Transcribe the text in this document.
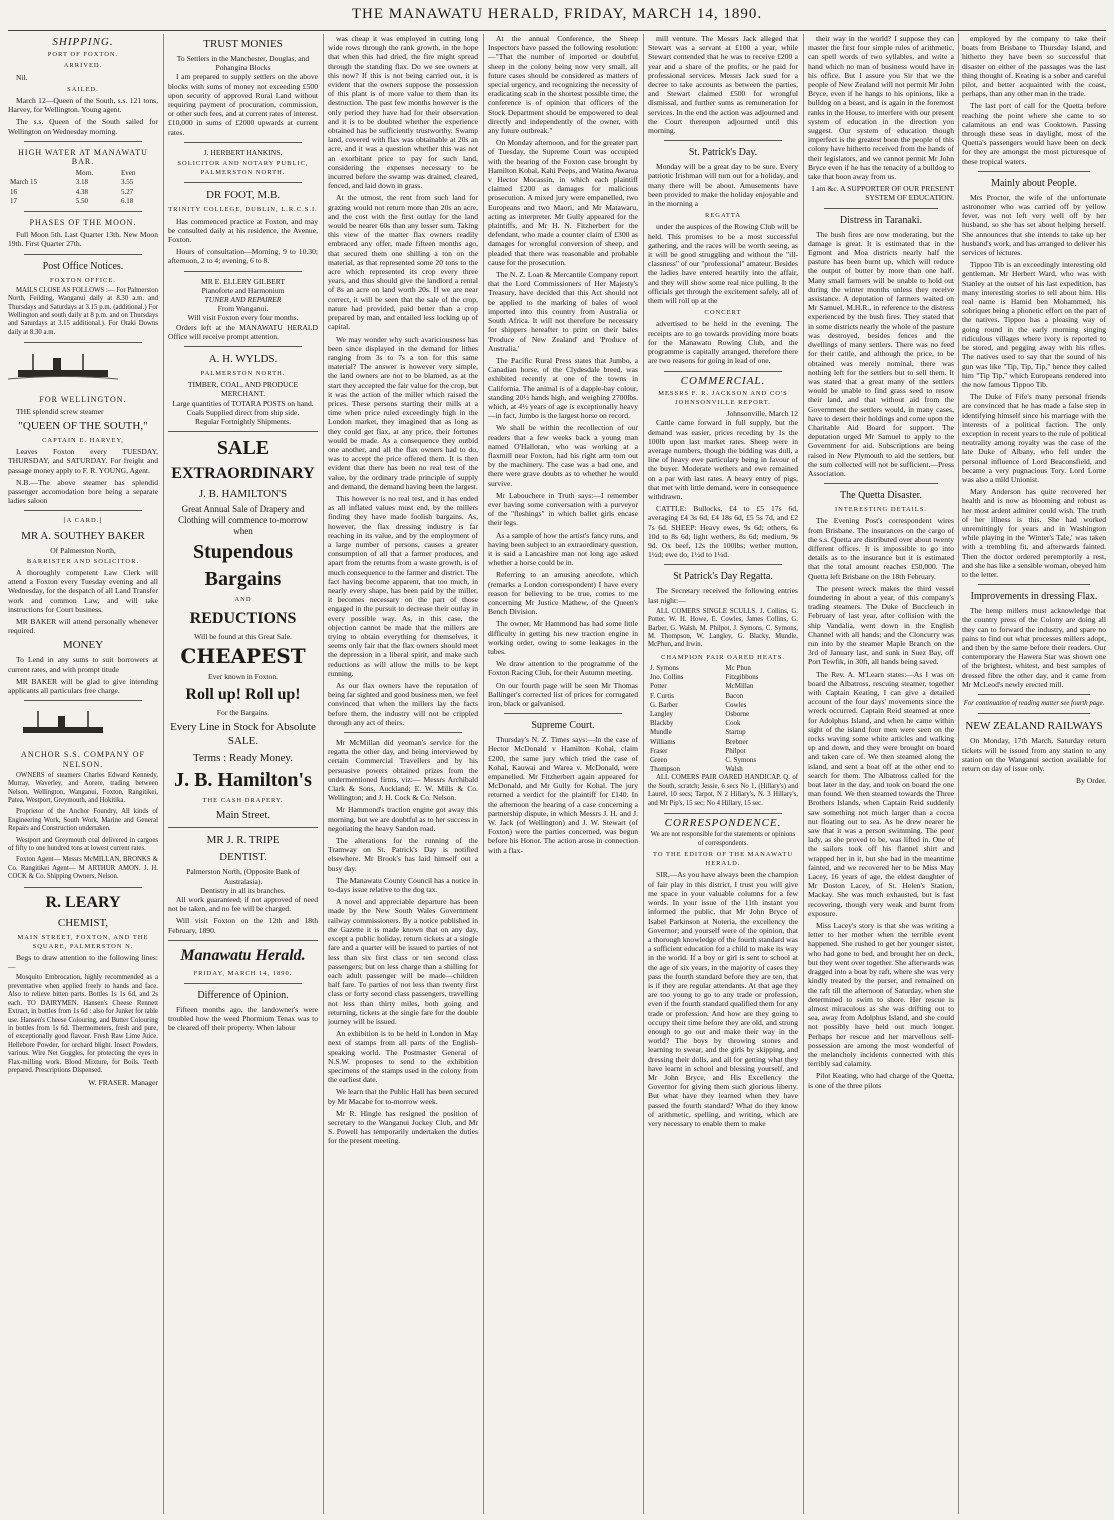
THE MANAWATU HERALD, FRIDAY, MARCH 14, 1890.
SHIPPING.
PORT OF FOXTON.
ARRIVED.

Nil.

SAILED.

March 12—Queen of the South, s.s. 121 tons, Harvey, for Wellington. Young agent.

The s.s. Queen of the South sailed for Wellington on Wednesday morning.

HIGH WATER AT MANAWATU BAR.
	Morn.	Even
March 15	3.18	3.55
16	4.38	5.27
17	5.50	6.18
PHASES OF THE MOON.

Full Moon 5th. Last Quarter 13th. New Moon 19th. First Quarter 27th.

Post Office Notices.
FOXTON OFFICE.

MAILS CLOSE AS FOLLOWS :— For Palmerston North, Feilding, Wanganui daily at 8.30 a.m. and Thursdays and Saturdays at 3.15 p.m. (additional.) For Wellington and south daily at 8 p.m. and on Thursdays and Saturdays at 3.15 additional.). For Otaki Downs daily at 8.30 a.m.

FOR WELLINGTON.

THE splendid screw steamer

"QUEEN OF THE SOUTH,"
CAPTAIN E. HARVEY,

Leaves Foxton every TUESDAY, THURSDAY, and SATURDAY. For freight and passage money apply to F. R. YOUNG, Agent.

N.B.—The above steamer has splendid passenger accomodation bore being a separate ladies saloon

[A CARD.]
MR A. SOUTHEY BAKER
Of Palmerston North,
BARRISTER AND SOLICITOR.

A thoroughly competent Law Clerk will attend a Foxton every Tuesday evening and all Wednesday, for the despatch of all Land Transfer work and common Law, and will take instructions for Court business.

MR BAKER will attend personally whenever required.

MONEY

To Lend in any sums to suit borrowers at current rates, and with prompt titude

MR BAKER will be glad to give intending applicants all particulars free charge.

ANCHOR S.S. COMPANY OF NELSON.

OWNERS of steamers Charles Edward Kennedy, Murray, Waverley, and Aorere, trading between Nelson, Wellington, Wanganui, Foxton, Rangitikei, Patea, Westport, Greymouth, and Hokitika.

Proprietor of the Anchor Foundry, All kinds of Engineering Work, South Work, Marine and General Repairs and Construction undertaken.

Westport and Greymouth coal delivered in cargoes of fifty to one hundred tons at lowest current rates.

Foxton Agent— Messrs McMILLAN, BRONKS & Co. Rangitikei Agent— M ARTHUR AMON. J. H. COCK & Co. Shipping Owners, Nelson.

R. LEARY
CHEMIST,
MAIN STREET, FOXTON, AND THE SQUARE, PALMERSTON N.

Begs to draw attention to the following lines:—

Mosquito Embrocation, highly recommended as a preventative when applied freely to hands and face. Also to relieve bitten parts. Bottles 1s 1s 6d, and 2s each. TO DAIRYMEN. Hansen's Cheese Rennett Extract, in bottles from 1s 6d : also for Junket for table use. Hansen's Cheese Colouring, and Butter Colouring in bottles from 1s 6d. Thermometers, fresh and pure, of exceptionally good flavour. Fresh Raw Lime Juice. Hellebore Powder, for orchard blight. Insect Powders, various. Wire Net Goggles, for protecting the eyes in Flax-milling work. Blood Mixture, for Boils. Teeth prepared. Prescriptions Dispensed.

W. FRASER. Manager

TRUST MONIES
To Settlers in the Manchester, Douglas, and Pohangina Blocks

I am prepared to supply settlers on the above blocks with sums of money not exceeding £500 upon security of approved Rural Land without requiring payment of procuration, commission, or other such fees, and at current rates of interest. £10,000 in sums of £2000 upwards at current rates.

J. HERBERT HANKINS,
SOLICITOR AND NOTARY PUBLIC, PALMERSTON NORTH.
DR FOOT, M.B.
TRINITY COLLEGE, DUBLIN, L.R.C.S.I.

Has commenced practice at Foxton, and may be consulted daily at his residence, the Avenue, Foxton.

Hours of consultation—Morning, 9 to 10.30; afternoon, 2 to 4; evening, 6 to 8.

MR E. ELLERY GILBERT
Pianoforte and Harmonium
TUNER AND REPAIRER
From Wanganui.
Will visit Foxton every four months.

Orders left at the MANAWATU HERALD Office will receive prompt attention.

A. H. WYLDS.
PALMERSTON NORTH.
TIMBER, COAL, AND PRODUCE MERCHANT.
Large quantities of TOTARA POSTS on hand.
Coals Supplied direct from ship side.
Regular Fortnightly Shipments.
SALE
EXTRAORDINARY
J. B. HAMILTON'S
Great Annual Sale of Drapery and Clothing will commence to-morrow when
Stupendous
Bargains
AND
REDUCTIONS
Will be found at this Great Sale.
CHEAPEST
Ever known in Foxton.
Roll up! Roll up!
For the Bargains.
Every Line in Stock for Absolute SALE.
Terms : Ready Money.
J. B. Hamilton's
THE CASH DRAPERY.
Main Street.
MR J. R. TRIPE
DENTIST.
Palmerston North, (Opposite Bank of Australasia).
Dentistry in all its branches.

All work guaranteed; if not approved of need not be taken, and no fee will be charged.

Will visit Foxton on the 12th and 18th February, 1890.

Manawatu Herald.
FRIDAY, MARCH 14, 1890.
Difference of Opinion.

Fifteen months ago, the landowner's were troubled how the weed Phormium Tenax was to be cleared off their property. When labour

was cheap it was employed in cutting long wide rows through the rank growth, in the hope that when this had dried, the fire might spread through the standing flax. Do we see owners at this now? If this is not being carried out, it is evident that the owners suppose the possession of this plant is of more value to them than its destruction. The past few months however is the only period they have had for their observation and it is to be doubted whether the experience obtained has be sufficiently trustworthy. Swamp land, covered with flax was obtainable at 20s an acre, and it was a question whether this was not an exorbitant price to pay for such land, considering the expenses necessary to be incurred before the swamp was drained, cleared, fenced, and laid down in grass.

At the utmost, the rent from such land for grazing would not return more than 20s an acre, and the cost with the first outlay for the land would be nearer 60s than any lesser sum. Taking this view of the matter flax owners readily embraced any offer, made fifteen months ago, that secured them one shilling a ton on the material, as that represented some 20 tons to the acre which represented its crop every three years, and thus should give the landlord a rental of 8s an acre on land worth 20s. If we are near correct, it will be seen that the sale of the crop, nature had provided, paid better than a crop prepared by man, and entailed less locking up of capital.

We may wonder why such avariciousness has been since displayed in the demand for lithes ranging from 3s to 7s a ton for this same material? The answer is however very simple, the land owners are not to be blamed, as at the start they accepted the fair value for the crop, but it was the action of the miller which raised the prices. These persons starting their mills at a time when price ruled exceedingly high in the London market, they imagined that as long as they could get flax, at any price, their fortunes would be made. As a consequence they outbid one another, and all the flax owners had to do, was to accept the price offered them. It is then evident that there has been no real test of the value, by the ordinary trade principle of supply and demand, the demand having been the largest.

This however is no real test, and it has ended as all inflated values must end, by the millers finding they have made foolish bargains. As, however, the flax dressing industry is far reaching in its value, and by the employment of a large number of persons, causes a greater consumption of all that a farmer produces, and apart from the returns from a waste growth, is of much consequence to the farmer and district. The fact having become apparent, that too much, in nearly every shape, has been paid by the miller, it becomes necessary on the part of those engaged in the pursuit to decrease their outlay in every possible way. As, in this case, the objection cannot be made that the millers are trying to obtain everything for themselves, it seems only fair that the flax owners should meet the depression in a liberal spirit, and make such reductions as will allow the mills to be kept running.

As our flax owners have the reputation of being far sighted and good business men, we feel convinced that when the millers lay the facts before them, the industry will not be crippled through any act of theirs.

Mr McMillan did yeoman's service for the regatta the other day, and being interviewed by certain Commercial Travellers and by his persuasive powers obtained prizes from the undermentioned firms, viz:— Messrs Archibald Clark & Sons, Auckland; E. W. Mills & Co. Wellington; and J. H. Cock & Co. Nelson.

Mr Hammond's traction engine got away this morning, but we are doubtful as to her success in negotiating the heavy Sandon road.

The alterations for the running of the Tramway on St. Patrick's Day is notified elsewhere. Mr Brook's has laid himself out a busy day.

The Manawatu County Council has a notice in to-days issue relative to the dog tax.

A novel and appreciable departure has been made by the New South Wales Government railway commissioners. By a notice published in the Gazette it is made known that on any day, except a public holiday, return tickets at a single fare and a quarter will be issued to parties of not less than six first class or ten second class passengers; but on less charge than a shilling for each adult passenger will be made—children half fare. To parties of not less than twenty first class or forty second class passengers, travelling not less than thirty miles, both going and returning, tickets at the single fare for the double journey will be issued.

An exhibition is to be held in London in May next of stamps from all parts of the English-speaking world. The Postmaster General of N.S.W. proposes to send to the exhibition specimens of the stamps used in the colony from the earliest date.

We learn that the Public Hall has been secured by Mr Macabe for to-morrow week.

Mr R. Hingle has resigned the position of secretary to the Wanganui Jockey Club, and Mr S. Powell has temporarily undertaken the duties for the present meeting.

At the annual Conference, the Sheep Inspectors have passed the following resolution:—"That the number of imported or doubtful sheep in the colony being now very small, all future cases should be considered as matters of special urgency, and recognizing the necessity of eradicating scab in the shortest possible time, the conference is of opinion that officers of the Stock Department should be empowered to deal directly and independently of the owner, with any future outbreak."

On Monday afternoon, and for the greater part of Tuesday, the Supreme Court was occupied with the hearing of the Foxton case brought by Hamilton Kohal, Kahi Peeps, and Watina Awarua v Hector Mocassin, in which each plaintiff claimed £200 as damages for malicious prosecution. A mixed jury were empanelled, two Europeans and two Maori, and Mr Matawaru, acting as interpreter. Mr Gully appeared for the plaintiffs, and Mr H. N. Fitzherbert for the defendant, who made a counter claim of £300 as damages for wrongful conversion of sheep, and pleaded that there was reasonable and probable cause for the prosecution.

The N. Z. Loan & Mercantile Company report that the Lord Commissioners of Her Majesty's Treasury, have decided that this Act should not be applied to the marking of bales of wool imported into this country from Australia or South Africa. It will not therefore be necessary for shippers hereafter to print on their bales 'Produce of New Zealand' and 'Produce of Australia.'

The Pacific Rural Press states that Jumbo, a Canadian horse, of the Clydesdale breed, was exhibited recently at one of the towns in California. The animal is of a dapple-bay colour, standing 20½ hands high, and weighing 2700lbs. which, at 4½ years of age is exceptionally heavy—in fact, Jumbo is the largest horse on record.

We shall be within the recollection of our readers that a few weeks back a young man named O'Halloran, who was working at a flaxmill near Foxton, had his right arm torn out by the machinery. The case was a bad one, and there were grave doubts as to whether he would survive.

Mr Labouchere in Truth says:—I remember ever having some conversation with a purveyor of the "fleshings" in which ballet girls encase their legs.

As a sample of how the artist's fancy runs, and having been subject to an extraordinary question, it is said a Lancashire man not long ago asked whether a horse could be in.

Referring to an amusing anecdote, which (remarks a London correspondent) I have every reason for believing to be true, comes to me concerning Mr Justice Mathew, of the Queen's Bench Division.

The owner, Mr Hammond has had some little difficulty in getting his new traction engine in working order, owing to some leakages in the tubes.

We draw attention to the programme of the Foxton Racing Club, for their Autumn meeting.

On our fourth page will be seen Mr Thomas Ballinger's corrected list of prices for corrugated iron, black or galvanised.

Supreme Court.

Thursday's N. Z. Times says:—In the case of Hector McDonald v Hamilton Kohal, claim £200, the same jury which tried the case of Kohal, Kauwai and Warea v. McDonald, were empanelled. Mr Fitzherbert again appeared for McDonald, and Mr Gully for Kohal. The jury returned a verdict for the plaintiff for £140. In the afternoon the hearing of a case concerning a partnership dispute, in which Messrs J. H. and J. W. Jack (of Wellington) and J. W. Stewart (of Foxton) were the parties concerned, was begun before his Honor. The action arose in connection with a flax-

mill venture. The Messrs Jack alleged that Stewart was a servant at £100 a year, while Stewart contended that he was to receive £200 a year and a share of the profits, or he paid for professional services. Messrs Jack sued for a decree to take accounts as between the parties, and Stewart claimed £500 for wrongful dismissal, and further sums as remuneration for services. In the end the action was adjourned and the Court thereupon adjourned until this morning.

St. Patrick's Day.

Monday will be a great day to be sure. Every patriotic Irishman will turn out for a holiday, and many there will be about. Amusements have been provided to make the holiday enjoyable and in the morning a

REGATTA

under the auspices of the Rowing Club will be held. This promises to be a most successful gathering, and the races will be worth seeing, as it will be good struggling and without the "ill-classness" of our "professional" amateur. Besides the ladies have entered heartily into the affair, and they will show some real nice pulling. It the officials get through the excitement safely, all of them will roll up at the

CONCERT

advertised to be held in the evening. The receipts are to go towards providing more boats for the Manawatu Rowing Club, and the programme is capitally arranged, therefore there are two reasons for going in lead of one.

COMMERCIAL.
MESSRS F. R. JACKSON AND CO'S JOHNSONVILLE REPORT.
Johnsonville, March 12

Cattle came forward in full supply, but the demand was easier, prices receding by 1s the 100lb upon last market rates. Sheep were in average numbers, though the bidding was dull, a line of heavy ewe particulary being in favour of the buyer. Moderate wethers and ewe remained on a par with last rates. A heavy entry of pigs, that met with little demand, were in consequence withdrawn.

CATTLE: Bullocks, £4 to £5 17s 6d, averaging £4 3s 6d, £4 18s 6d, £5 5s 7d, and £2 7s 6d. SHEEP: Heavy ewes, 9s 6d; others, 6s 10d to 8s 6d; light wethers, 8s 6d; medium, 9s 9d. Ox beef, 12s the 100lbs; wether mutton, 1½d; ewe do, 1½d to 1¼d.

St Patrick's Day Regatta.

The Secretary received the following entries last night:—

ALL COMERS SINGLE SCULLS. J. Collins, G. Potter, W. H. Howe, E. Cowles, James Collins, G. Barber, G. Walsh, M. Philpot, J. Symons, C. Symons, M. Thompson, W. Langley, G. Blacky, Mundle, McPhun, and Irwin.

CHAMPION PAIR OARED HEATS.
J. Symons	Mc Phun
Jno. Collins	Fitzgibbons
Potter	McMillan
F. Curtis	Bacon

G. Barber	Cowles
Langley	Osborne
Blackby	Cook
Mundle	Startup

Williams	Brebner
Fraser	Philpot
Green	C. Symons
Thompson	Walsh

ALL COMERS PAIR OARED HANDICAP. Q. of the South, scratch; Jessie, 6 secs No 1, (Hillary's) and Laurel, 10 secs; Tarpot, N 2 Hillary's, N. 3 Hillary's, and Mr Pip's, 15 sec; No 4 Hillary, 15 sec.

CORRESPONDENCE.
We are not responsible for the statements or opinions of correspondents.
TO THE EDITOR OF THE MANAWATU HERALD.

SIR,—As you have always been the champion of fair play in this district, I trust you will give me space in your valuable columns for a few words. In your issue of the 11th instant you informed the public, that Mr John Bryce of Isabel Parkinson at Noteria, the excellency the Governor; and yourself were of the opinion, that a thorough knowledge of the fourth standard was a sufficient education for a child to make its way in the world. If a boy or girl is sent to school at the age of six years, in the majority of cases they pass the fourth standard before they are ten, that is if they are regular attendants. At that age they are too young to go to any trade or profession, even if the fourth standard qualified them for any trade or profession. And how are they going to occupy their time before they are old, and strong enough to go out and make their way in the world? The boys by throwing stones and learning to swear, and the girls by skipping, and dressing their dolls, and all for getting what they have learnt in school and blessing yourself, and Mr John Bryce, and His Excellency the Governor for giving them such glorious liberty. But what have they learned when they have passed the fourth standard? What do they know of arithmetic, spelling, and writing, which are very necessary to enable them to make

their way in the world? I suppose they can master the first four simple rules of arithmetic, can spell words of two syllables, and write a hand which no man of business would have in his office. But I assure you Sir that we the people of New Zealand will not permit Mr John Bryce, even if he hangs to his opinions, like a bulldog on a beast, and is again in the foremost ranks in the House, to interfere with our present system of education in the direction you suggest. Our system of education though imperfect is the greatest boon the people of this colony have hitherto received from the hands of their legislators, and we cannot permit Mr John Bryce even if he has the tenacity of a bulldog to take that boon away from us.

I am &c. A SUPPORTER OF OUR PRESENT SYSTEM OF EDUCATION.

Distress in Taranaki.

The bush fires are now moderating, but the damage is great. It is estimated that in the Egmont and Moa districts nearly half the pasture has been burnt up, which will reduce the output of butter by more than one half. Many small farmers will be unable to hold out during the winter months unless they receive assistance. A deputation of farmers waited on Mr Samuel, M.H.R., in reference to the distress experienced by the bush fires. They stated that in some districts nearly the whole of the pasture was destroyed, besides fences and the dwellings of many settlers. There was no feed for their cattle, and although the price, to be obtained was merely nominal, there was nothing left for the settlers but to sell them. It was stated that a great many of the settlers would be unable to find grass seed to resow their land, and that without aid from the Government the settlers would, in many cases, have to desert their holdings and come upon the Charitable Aid Board for support. The deputation urged Mr Samuel to apply to the Government for aid. Subscriptions are being raised in New Plymouth to aid the settlers, but the sum collected will not be sufficient.—Press Association.

The Quetta Disaster.
INTERESTING DETAILS.

The Evening Post's correspondent wires from Brisbane. The insurances on the cargo of the s.s. Quetta are distributed over about twenty different offices. It is impossible to go into details as to the insurance but it is estimated that the total amount reaches £50,000. The Quetta left Brisbane on the 18th February.

The present wreck makes the third vessel foundering in about a year, of this company's trading steamers. The Duke of Buccleuch in February of last year, after collision with the ship Vandalia, went down in the English Channel with all hands; and the Cloncurry was run into by the steamer Maple Branch on the 3rd of January last, and sunk in Suez Bay, off Port Tewfik, in 30ft, all hands being saved.

The Rev. A. M'Learn states:—As I was on board the Albatross, rescuing steamer, together with Captain Keating, I can give a detailed account of the four days' movements since the wreck occurred. Captain Reid steamed at once for Adolphus Island, and when he came within sight of the island four men were seen on the rocks waving some white articles and walking up and down, and they were brought on board and taken care of. We then steamed along the island, and sent a boat off at the other end to search for them. The Albatross called for the boat later in the day, and took on board the one man found. We then steamed towards the Three Brothers Islands, when Captain Reid suddenly saw something not much larger than a cocoa nut floating out to sea. As he drew nearer he saw that it was a person swimming. The poor lady, as she proved to be, was lifted in. One of the sailors took off his flannel shirt and wrapped her in it, but she had in the meantime fainted, and we recovered her to be Miss May Lacey, 16 years of age, the eldest daughter of Mr Doston Lacey, of St. Helen's Station, Mackay. She was much exhausted, but is fast recovering, though very weak and burnt from exposure.

Miss Lacey's story is that she was writing a letter to her mother when the terrible event happened. She rushed to get her younger sister, who had gone to bed, and brought her on deck, but they went over together. She afterwards was dragged into a boat by raft, where she was very kindly treated by the purser, and remained on the raft till the afternoon of Saturday, when she determined to swim to shore. Her rescue is almost miraculous as she was drifting out to sea, away from Adolphus Island, and she could not possibly have held out much longer. Perhaps her rescue and her marvellous self-possession are among the most wonderful of the melancholy incidents connected with this terribly sad calamity.

Pilot Keating, who had charge of the Quetta, is one of the three pilots

employed by the company to take their boats from Brisbane to Thursday Island, and hitherto they have been so successful that disaster on either of the passages was the last thing thought of. Keating is a sober and careful pilot, and better acquainted with the coast, perhaps, than any other man in the trade.

The last port of call for the Quetta before reaching the point where she came to so calamitous an end was Cooktown. Passing through these seas in daylight, most of the Quetta's passengers would have been on deck for they are amongst the most picturesque of these tropical waters.

Mainly about People.

Mrs Proctor, the wife of the unfortunate astronomer who was carried off by yellow fever, was not left very well off by her husband, so she has set about helping herself. She announces that she intends to take up her husband's work, and has arranged to deliver his services of lectures.

Tippoo Tib is an exceedingly interesting old gentleman. Mr Herbert Ward, who was with Stanley at the outset of his last expedition, has many interesting stories to tell about him. His real name is Hamid ben Mohammed, his sobriquet being a phonetic effort on the part of the natives. Tippoo has a pleasing way of going round in the early morning singing ridiculous villages where ivory is reported to be stored, and pegging away with his rifles. The natives used to say that the sound of his gun was like "Tip, Tip, Tip," hence they called him "Tip Tip," which Europeans rendered into the now famous Tippoo Tib.

The Duke of Fife's many personal friends are convinced that he has made a false step in identifying himself since his marriage with the interests of a political faction. The only exception in recent years to the rule of political neutrality among royalty was the case of the late Duke of Albany, who fell under the personal influence of Lord Beaconsfield, and became a very pugnacious Tory. Lord Lorne was also a mild Unionist.

Mary Anderson has quite recovered her health and is now as blooming and robust as her most ardent admirer could wish. The truth of her illness is this. She had worked unremittingly for years and in Washington while playing in the 'Winter's Tale,' was taken with a trembling fit, and afterwards fainted. Then the doctor ordered peremptorily a rest, and she has like a sensible woman, obeyed him to the letter.

Improvements in dressing Flax.

The hemp millers must acknowledge that the country press of the Colony are doing all they can to forward the industry, and spare no pains to find out what processes millers adopt, and then by the same before their readers. Our contemporary the Hawera Star was shown one of the brightest, whitest, and best samples of dressed fibre the other day, and it came from Mr McLeod's newly erected mill.

For continuation of reading matter see fourth page.
NEW ZEALAND RAILWAYS

On Monday, 17th March, Saturday return tickets will be issued from any station to any station on the Wanganui section available for return on day of issue only.

By Order.
